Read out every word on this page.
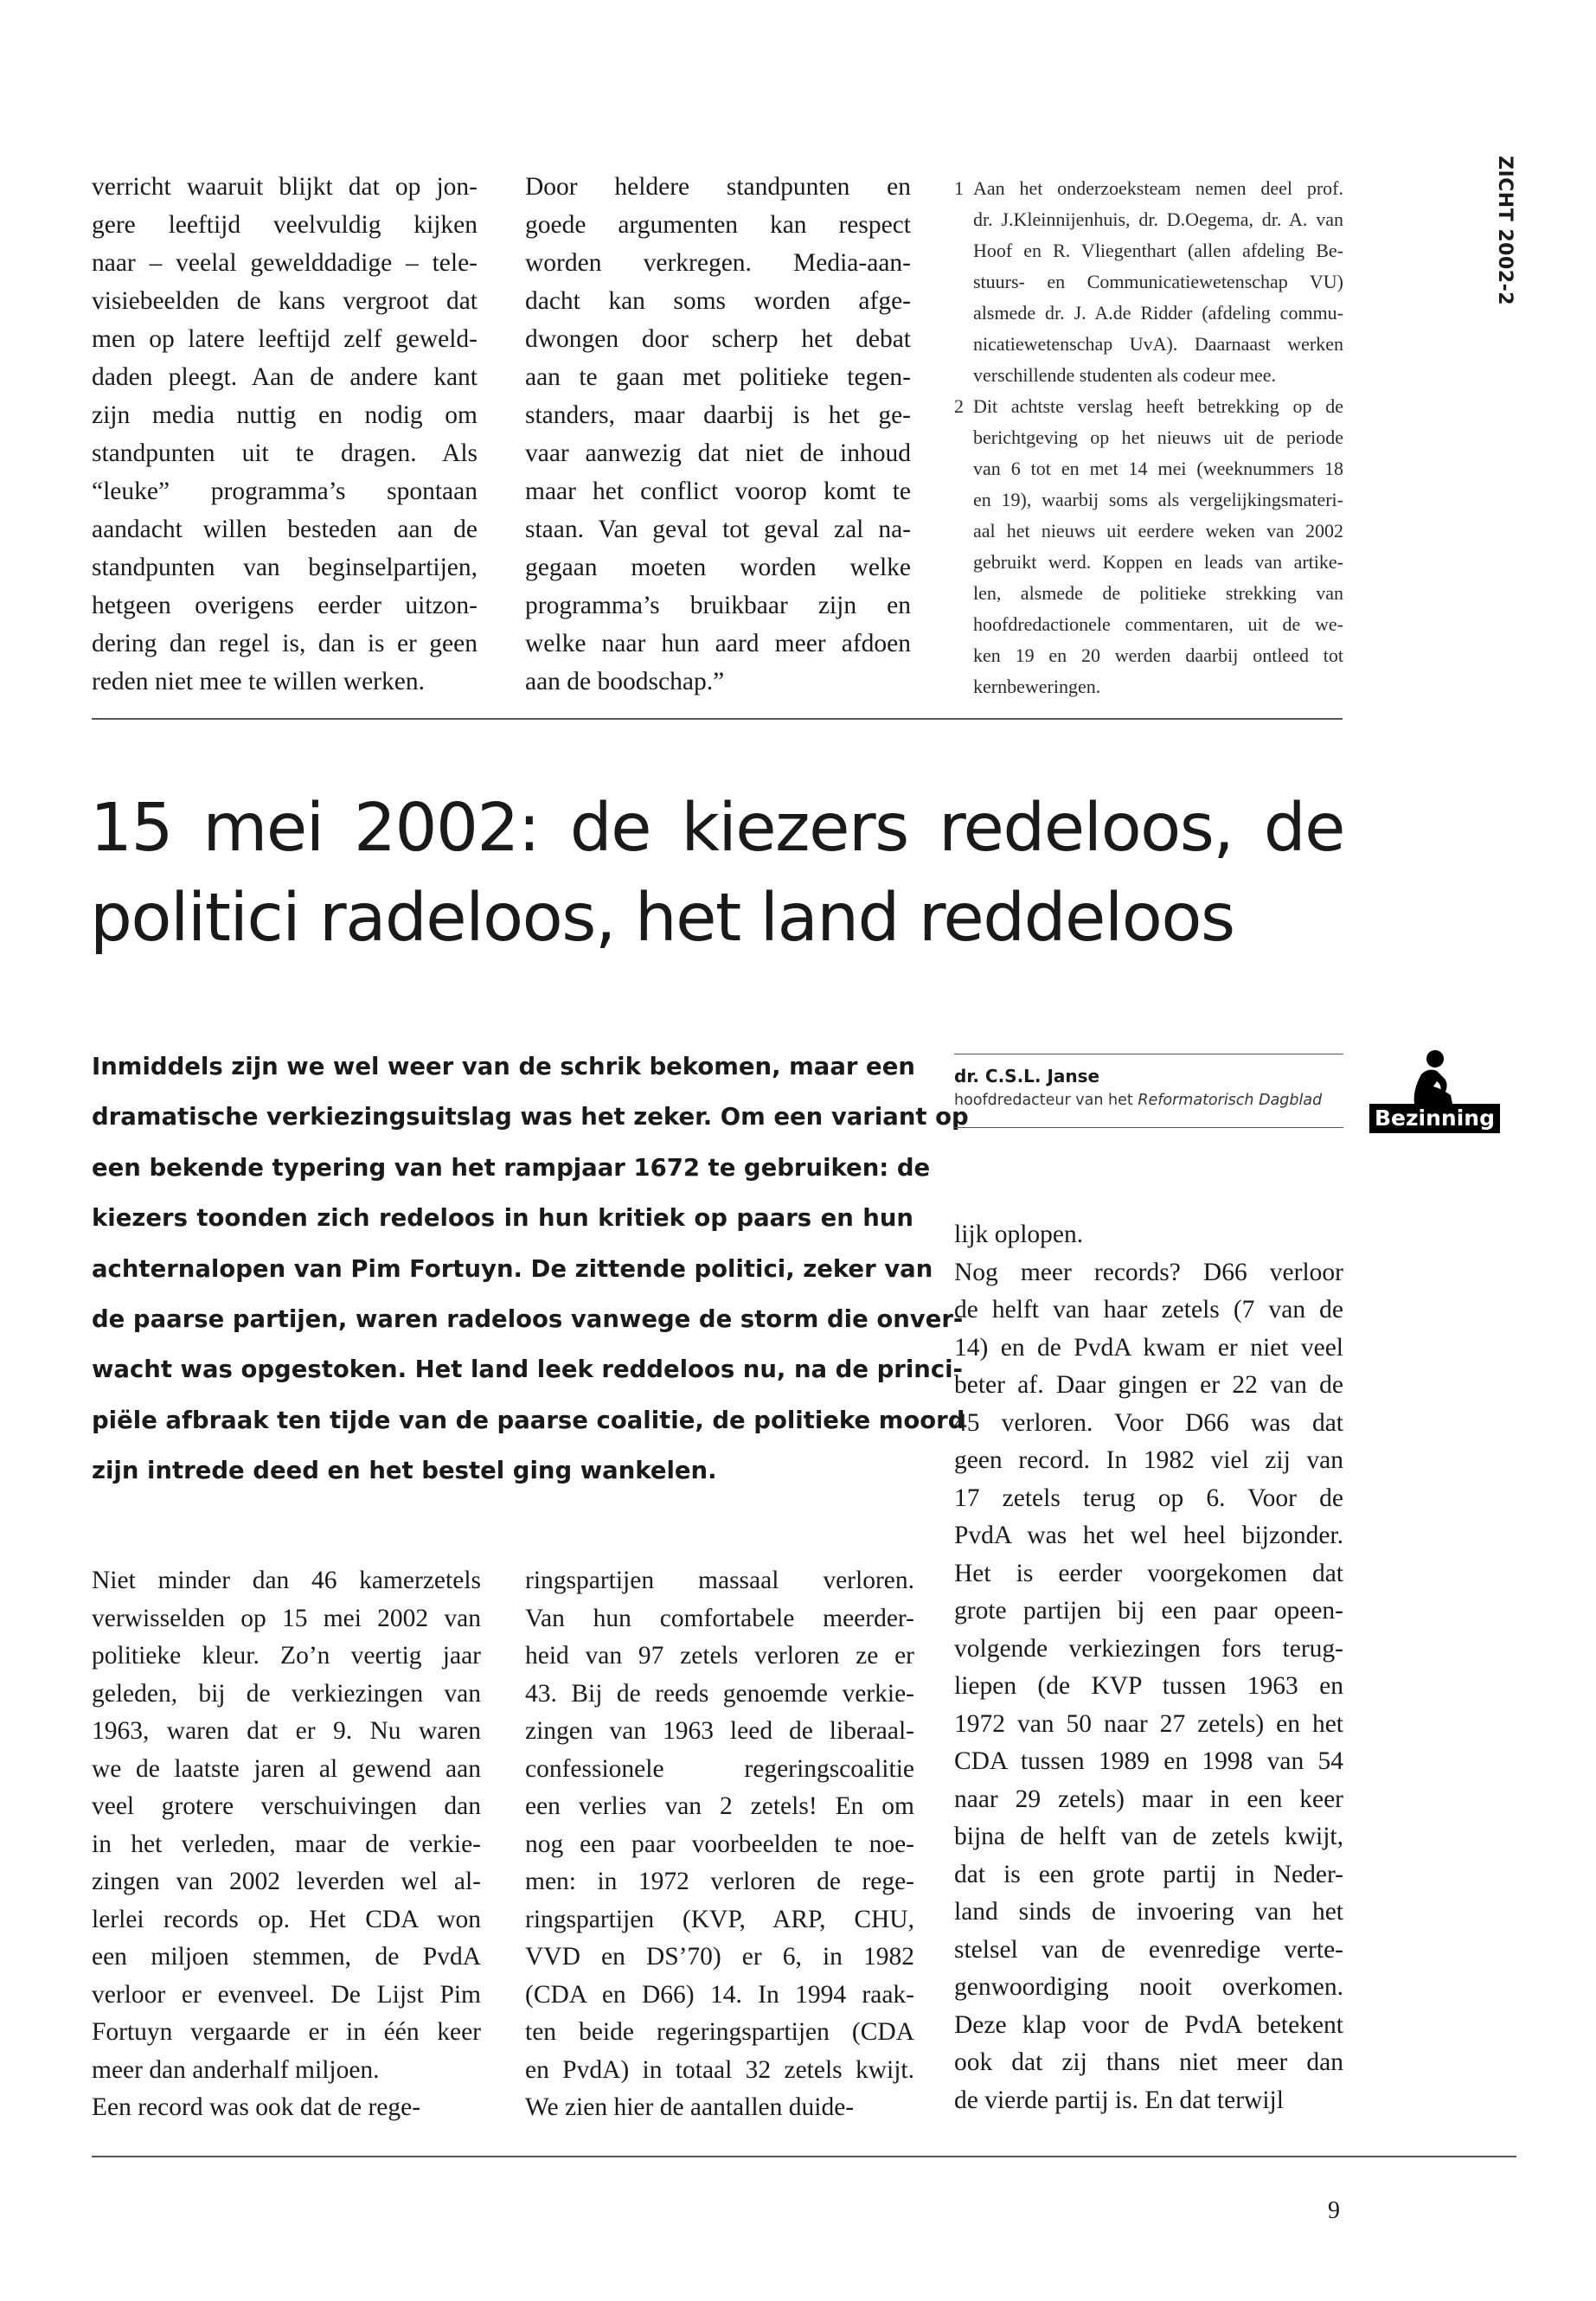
ZICHT 2002-2
verricht waaruit blijkt dat op jon-
gere leeftijd veelvuldig kijken
naar – veelal gewelddadige – tele-
visiebeelden de kans vergroot dat
men op latere leeftijd zelf geweld-
daden pleegt. Aan de andere kant
zijn media nuttig en nodig om
standpunten uit te dragen. Als
“leuke” programma’s spontaan
aandacht willen besteden aan de
standpunten van beginselpartijen,
hetgeen overigens eerder uitzon-
dering dan regel is, dan is er geen
reden niet mee te willen werken.
Door heldere standpunten en
goede argumenten kan respect
worden verkregen. Media-aan-
dacht kan soms worden afge-
dwongen door scherp het debat
aan te gaan met politieke tegen-
standers, maar daarbij is het ge-
vaar aanwezig dat niet de inhoud
maar het conflict voorop komt te
staan. Van geval tot geval zal na-
gegaan moeten worden welke
programma’s bruikbaar zijn en
welke naar hun aard meer afdoen
aan de boodschap.”
1 Aan het onderzoeksteam nemen deel prof.
dr. J.Kleinnijenhuis, dr. D.Oegema, dr. A. van
Hoof en R. Vliegenthart (allen afdeling Be-
stuurs- en Communicatiewetenschap VU)
alsmede dr. J. A.de Ridder (afdeling commu-
nicatiewetenschap UvA). Daarnaast werken
verschillende studenten als codeur mee.
2 Dit achtste verslag heeft betrekking op de
berichtgeving op het nieuws uit de periode
van 6 tot en met 14 mei (weeknummers 18
en 19), waarbij soms als vergelijkingsmateri-
aal het nieuws uit eerdere weken van 2002
gebruikt werd. Koppen en leads van artike-
len, alsmede de politieke strekking van
hoofdredactionele commentaren, uit de we-
ken 19 en 20 werden daarbij ontleed tot
kernbeweringen.
15 mei 2002: de kiezers redeloos, de
politici radeloos, het land reddeloos
Inmiddels zijn we wel weer van de schrik bekomen, maar een
dramatische verkiezingsuitslag was het zeker. Om een variant op
een bekende typering van het rampjaar 1672 te gebruiken: de
kiezers toonden zich redeloos in hun kritiek op paars en hun
achternalopen van Pim Fortuyn. De zittende politici, zeker van
de paarse partijen, waren radeloos vanwege de storm die onver-
wacht was opgestoken. Het land leek reddeloos nu, na de princi-
piële afbraak ten tijde van de paarse coalitie, de politieke moord
zijn intrede deed en het bestel ging wankelen.
dr. C.S.L. Janse
hoofdredacteur van het Reformatorisch Dagblad
Bezinning
Niet minder dan 46 kamerzetels
verwisselden op 15 mei 2002 van
politieke kleur. Zo’n veertig jaar
geleden, bij de verkiezingen van
1963, waren dat er 9. Nu waren
we de laatste jaren al gewend aan
veel grotere verschuivingen dan
in het verleden, maar de verkie-
zingen van 2002 leverden wel al-
lerlei records op. Het CDA won
een miljoen stemmen, de PvdA
verloor er evenveel. De Lijst Pim
Fortuyn vergaarde er in één keer
meer dan anderhalf miljoen.
Een record was ook dat de rege-
ringspartijen massaal verloren.
Van hun comfortabele meerder-
heid van 97 zetels verloren ze er
43. Bij de reeds genoemde verkie-
zingen van 1963 leed de liberaal-
confessionele regeringscoalitie
een verlies van 2 zetels! En om
nog een paar voorbeelden te noe-
men: in 1972 verloren de rege-
ringspartijen (KVP, ARP, CHU,
VVD en DS’70) er 6, in 1982
(CDA en D66) 14. In 1994 raak-
ten beide regeringspartijen (CDA
en PvdA) in totaal 32 zetels kwijt.
We zien hier de aantallen duide-
lijk oplopen.
Nog meer records? D66 verloor
de helft van haar zetels (7 van de
14) en de PvdA kwam er niet veel
beter af. Daar gingen er 22 van de
45 verloren. Voor D66 was dat
geen record. In 1982 viel zij van
17 zetels terug op 6. Voor de
PvdA was het wel heel bijzonder.
Het is eerder voorgekomen dat
grote partijen bij een paar opeen-
volgende verkiezingen fors terug-
liepen (de KVP tussen 1963 en
1972 van 50 naar 27 zetels) en het
CDA tussen 1989 en 1998 van 54
naar 29 zetels) maar in een keer
bijna de helft van de zetels kwijt,
dat is een grote partij in Neder-
land sinds de invoering van het
stelsel van de evenredige verte-
genwoordiging nooit overkomen.
Deze klap voor de PvdA betekent
ook dat zij thans niet meer dan
de vierde partij is. En dat terwijl
9
